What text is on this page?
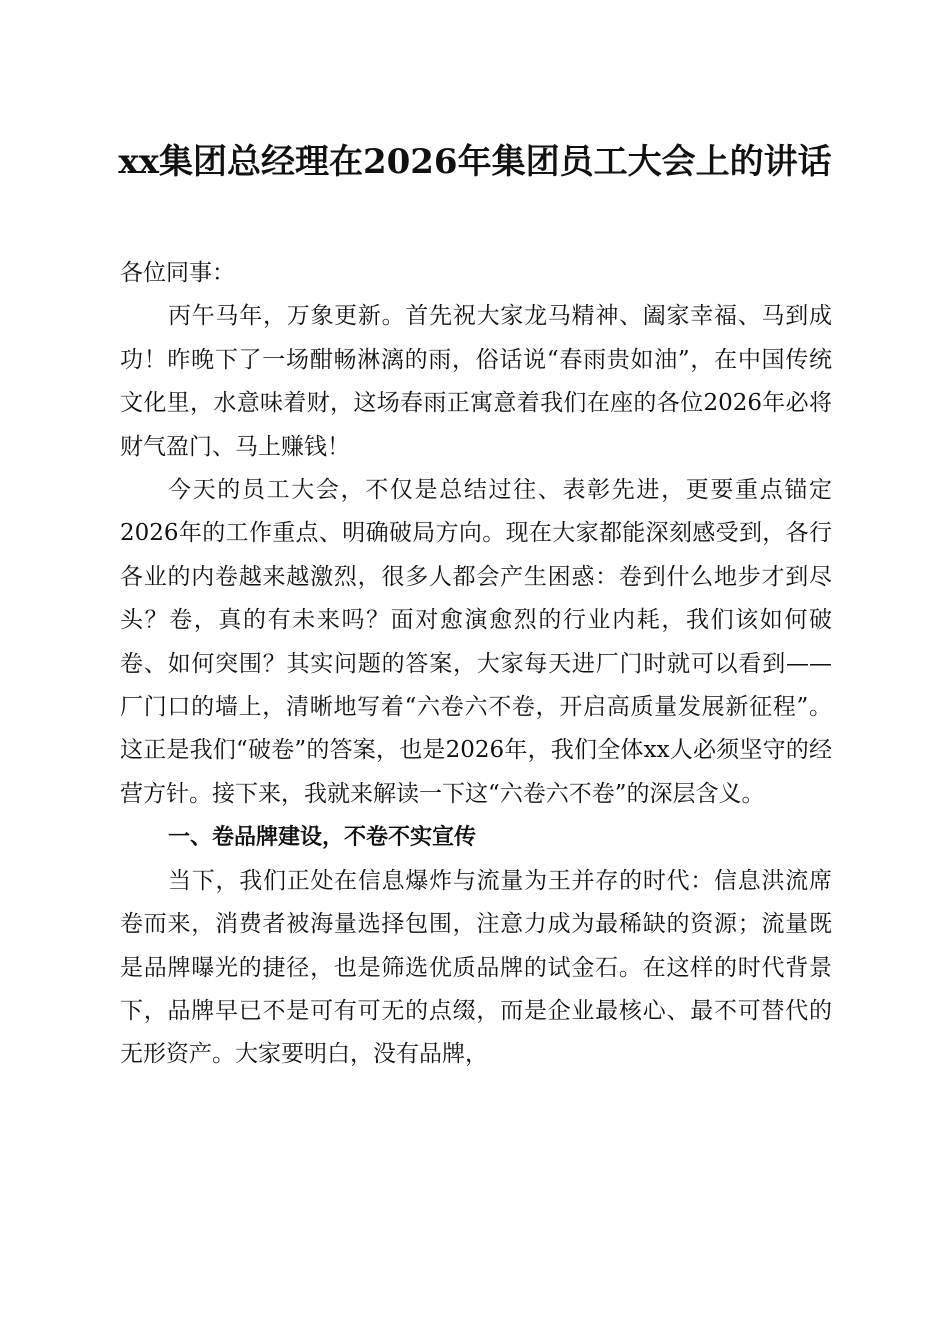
xx集团总经理在2026年集团员工大会上的讲话

各位同事：

丙午马年，万象更新。首先祝大家龙马精神、阖家幸福、马到成功！昨晚下了一场酣畅淋漓的雨，俗话说“春雨贵如油”，在中国传统文化里，水意味着财，这场春雨正寓意着我们在座的各位2026年必将财气盈门、马上赚钱！

今天的员工大会，不仅是总结过往、表彰先进，更要重点锚定2026年的工作重点、明确破局方向。现在大家都能深刻感受到，各行各业的内卷越来越激烈，很多人都会产生困惑：卷到什么地步才到尽头？卷，真的有未来吗？面对愈演愈烈的行业内耗，我们该如何破卷、如何突围？其实问题的答案，大家每天进厂门时就可以看到——厂门口的墙上，清晰地写着“六卷六不卷，开启高质量发展新征程”。这正是我们“破卷”的答案，也是2026年，我们全体xx人必须坚守的经营方针。接下来，我就来解读一下这“六卷六不卷”的深层含义。

一、卷品牌建设，不卷不实宣传

当下，我们正处在信息爆炸与流量为王并存的时代：信息洪流席卷而来，消费者被海量选择包围，注意力成为最稀缺的资源；流量既是品牌曝光的捷径，也是筛选优质品牌的试金石。在这样的时代背景下，品牌早已不是可有可无的点缀，而是企业最核心、最不可替代的无形资产。大家要明白，没有品牌，
